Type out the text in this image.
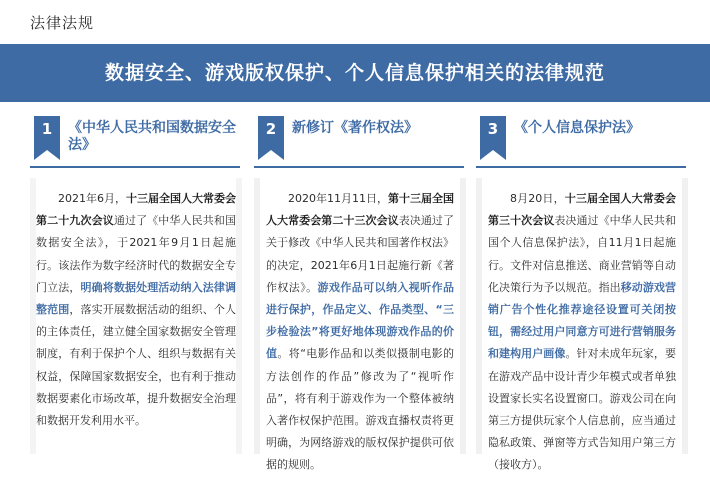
法律法规
数据安全、游戏版权保护、个人信息保护相关的法律规范
1	《中华人民共和国数据安全法》
2021年6月，十三届全国人大常委会第二十九次会议通过了《中华人民共和国数据安全法》，于2021年9月1日起施行。该法作为数字经济时代的数据安全专门立法，明确将数据处理活动纳入法律调整范围，落实开展数据活动的组织、个人的主体责任，建立健全国家数据安全管理制度，有利于保护个人、组织与数据有关权益，保障国家数据安全，也有利于推动数据要素化市场改革，提升数据安全治理和数据开发利用水平。
2	新修订《著作权法》
2020年11月11日，第十三届全国人大常委会第二十三次会议表决通过了关于修改《中华人民共和国著作权法》的决定，2021年6月1日起施行新《著作权法》。游戏作品可以纳入视听作品进行保护，作品定义、作品类型、“三步检验法”将更好地体现游戏作品的价值。将“电影作品和以类似摄制电影的方法创作的作品”修改为了“视听作品”，将有利于游戏作为一个整体被纳入著作权保护范围。游戏直播权责将更明确，为网络游戏的版权保护提供可依据的规则。
3	《个人信息保护法》
8月20日，十三届全国人大常委会第三十次会议表决通过《中华人民共和国个人信息保护法》，自11月1日起施行。文件对信息推送、商业营销等自动化决策行为予以规范。指出移动游戏营销广告个性化推荐途径设置可关闭按钮，需经过用户同意方可进行营销服务和建构用户画像。针对未成年玩家，要在游戏产品中设计青少年模式或者单独设置家长实名设置窗口。游戏公司在向第三方提供玩家个人信息前，应当通过隐私政策、弹窗等方式告知用户第三方（接收方）。
